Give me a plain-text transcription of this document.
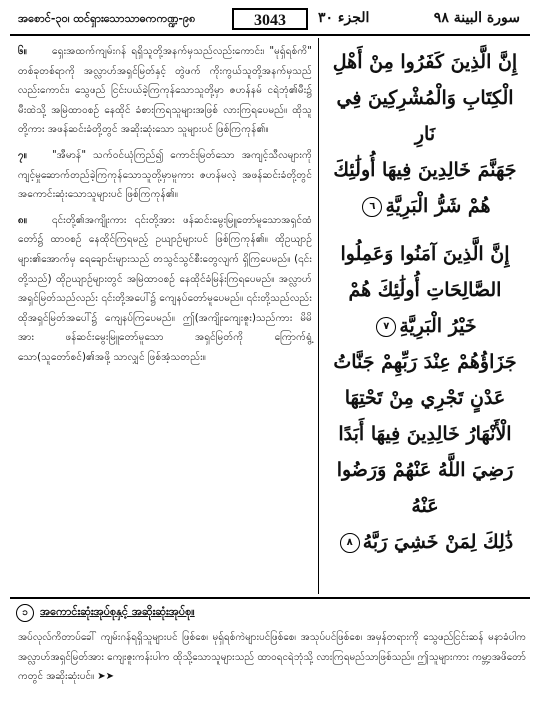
အစောင်-၃၀၊ ထင်ရှားသောသာဓကကဏ္ဍ-၉၈	3043	الجزء ٣٠	سورة البينة ٩٨

၆။ ရှေးအထက်ကျမ်းဂန် ရရှိသူတို့အနက်မှသည်လည်းကောင်း၊ "မုရှ်ရစ်ကိ" တစ်ခုတစ်ရာကို အလ္လာဟ်အရှင်မြတ်နှင့် တွဲဖက် ကိုးကွယ်သူတို့အနက်မှသည်လည်းကောင်း၊ သွေဖည် ငြင်းပယ်ခဲ့ကြကုန်သောသူတို့မှာ ဇဟန်နမ် ငရဲဘုံ၏မီး၌ မီးထဲသို့ အမြဲထာဝစဉ် နေထိုင် ခံစားကြရသူများအဖြစ် လားကြရပေမည်။ ထိုသူတို့ကား အဖန်ဆင်းခံတို့တွင် အဆိုးဆုံးသော သူများပင် ဖြစ်ကြကုန်၏။

၇။ "အီမာန်" သက်ဝင်ယုံကြည်၍ ကောင်းမြတ်သော အကျင့်သီလများကို ကျင့်မှုဆောက်တည်ခဲ့ကြကုန်သောသူတို့မှာမူကား ဇဟန်မလဲ့ အဖန်ဆင်းခံတို့တွင် အကောင်းဆုံးသောသူများပင် ဖြစ်ကြကုန်၏။

၈။ ၎င်းတို့၏အကျိုးကား ၎င်းတို့အား ဖန်ဆင်းမွေးမြူတော်မူသောအရှင်ထံတော်၌ ထာဝစဉ် နေထိုင်ကြရမည့် ဥယျာဉ်များပင် ဖြစ်ကြကုန်၏။ ထိုဥယျာဉ်များ၏အောက်မှ ရေချောင်းများသည် တသွင်သွင်စီးတွေလျက် ရှိကြပေမည်။ (၎င်းတို့သည်) ထိုဥယျာဉ်များတွင် အမြဲထာဝစဉ် နေထိုင်ခံမြန်းကြရပေမည်။ အလ္လာဟ်အရှင်မြတ်သည်လည်း ၎င်းတို့အပေါ်၌ ကျေနပ်တော်မူပေမည်။ ၎င်းတို့သည်လည်း ထိုအရှင်မြတ်အပေါ်၌ ကျေနပ်ကြပေမည်။ ဤ(အကျိုးကျေးဇူး)သည်ကား မိမိအား ဖန်ဆင်းမွေးမြူတော်မူသော အရှင်မြတ်ကို ကြောက်ရွံ့သော(သူတော်စင်)၏အဖို့ သာလျှင် ဖြစ်အံ့သတည်း။

إِنَّ الَّذِينَ كَفَرُوا مِنْ أَهْلِ
الْكِتَابِ وَالْمُشْرِكِينَ فِي نَارِ
جَهَنَّمَ خَالِدِينَ فِيهَا أُولَٰئِكَ
هُمْ شَرُّ الْبَرِيَّةِ٦
إِنَّ الَّذِينَ آمَنُوا وَعَمِلُوا
الصَّالِحَاتِ أُولَٰئِكَ هُمْ
خَيْرُ الْبَرِيَّةِ٧
جَزَاؤُهُمْ عِنْدَ رَبِّهِمْ جَنَّاتُ
عَدْنٍ تَجْرِي مِنْ تَحْتِهَا
الْأَنْهَارُ خَالِدِينَ فِيهَا أَبَدًا
رَضِيَ اللَّهُ عَنْهُمْ وَرَضُوا عَنْهُ
ذَٰلِكَ لِمَنْ خَشِيَ رَبَّهُ٨
၁ အကောင်းဆုံးအုပ်စုနှင့် အဆိုးဆုံးအုပ်စု။
အပ်လုလ်ကိတာပ်ခေါ် ကျမ်းဂန်ရရှိသူများပင် ဖြစ်စေ၊ မုရှ်ရစ်ကဲများပင်ဖြစ်စေ၊ အသုပ်ပင်ဖြစ်စေ၊ အမှန်တရားကို သွေဖည်ငြင်းဆန် မနာခံပါက အလ္လာဟ်အရှင်မြတ်အား ကျေးဇူးကန်းပါက ထိုသို့သောသူများသည် ထာဝရငရဲဘုံသို့ လားကြရမည်သာဖြစ်သည်။ ဤသူများကား ကမ္ဘာ့အဖိတော်ကတွင် အဆိုးဆုံးပင်။ ➤➤
